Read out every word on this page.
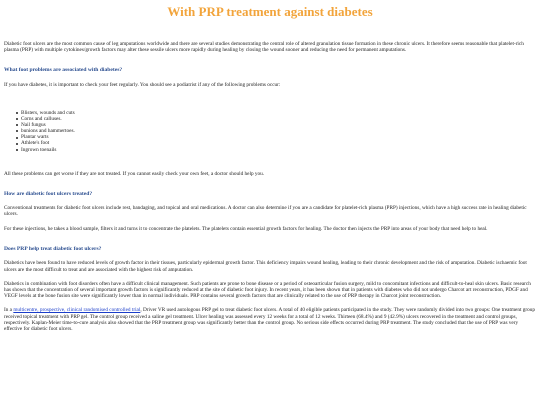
With PRP treatment against diabetes

Diabetic foot ulcers are the most common cause of leg amputations worldwide and there are several studies demonstrating the central role of altered granulation tissue formation in these chronic ulcers. It therefore seems reasonable that platelet-rich plasma (PRP) with multiple cytokines/growth factors may alter these sessile ulcers more rapidly during healing by closing the wound sooner and reducing the need for permanent amputations.

What foot problems are associated with diabetes?

If you have diabetes, it is important to check your feet regularly. You should see a podiatrist if any of the following problems occur:

Blisters, wounds and cuts
Corns and calluses.
Nail fungus
bunions and hammertoes.
Plantar warts
Athlete's foot
Ingrown toenails

All these problems can get worse if they are not treated. If you cannot easily check your own feet, a doctor should help you.

How are diabetic foot ulcers treated?

Conventional treatments for diabetic foot ulcers include rest, bandaging, and topical and oral medications. A doctor can also determine if you are a candidate for platelet-rich plasma (PRP) injections, which have a high success rate in healing diabetic ulcers.

For these injections, he takes a blood sample, filters it and turns it to concentrate the platelets. The platelets contain essential growth factors for healing. The doctor then injects the PRP into areas of your body that need help to heal.

Does PRP help treat diabetic foot ulcers?

Diabetics have been found to have reduced levels of growth factor in their tissues, particularly epidermal growth factor. This deficiency impairs wound healing, leading to their chronic development and the risk of amputation. Diabetic ischaemic foot ulcers are the most difficult to treat and are associated with the highest risk of amputation.

Diabetics in combination with foot disorders often have a difficult clinical management. Such patients are prone to bone disease or a period of osteoarticular fusion surgery, mild to concomitant infections and difficult-to-heal skin ulcers. Basic research has shown that the concentration of several important growth factors is significantly reduced at the site of diabetic foot injury. In recent years, it has been shown that in patients with diabetes who did not undergo Charcot art reconstruction, PDGF and VEGF levels at the bone fusion site were significantly lower than in normal individuals. PRP contains several growth factors that are clinically related to the use of PRP therapy in Charcot joint reconstruction.

In a multicentre, prospective, clinical randomised controlled trial, Driver VR used autologous PRP gel to treat diabetic foot ulcers. A total of 40 eligible patients participated in the study. They were randomly divided into two groups: One treatment group received topical treatment with PRP gel. The control group received a saline gel treatment. Ulcer healing was assessed every 12 weeks for a total of 12 weeks. Thirteen (68.4%) and 9 (42.9%) ulcers recovered in the treatment and control groups, respectively. Kaplan-Meier time-to-cure analysis also showed that the PRP treatment group was significantly better than the control group. No serious side effects occurred during PRP treatment. The study concluded that the use of PRP was very effective for diabetic foot ulcers.
